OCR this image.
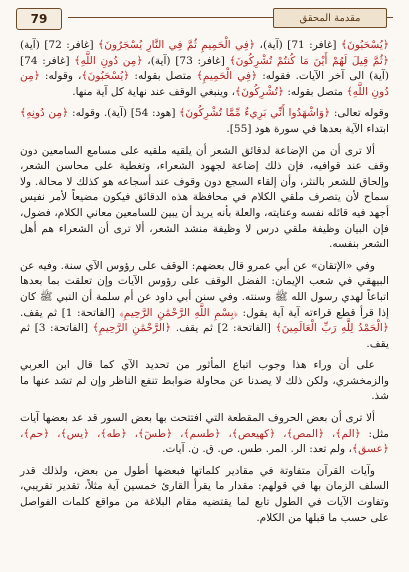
79	مقدمة المحقق

﴿يُسْحَبُونَ﴾ [غافر: 71] (آية)، ﴿فِي الْحَمِيمِ ثُمَّ فِي النَّارِ يُسْجَرُونَ﴾ [غافر: 72] (آية) ﴿ثُمَّ قِيلَ لَهُمْ أَيْنَ مَا كُنتُمْ تُشْرِكُونَ﴾ [غافر: 73] (آية)، ﴿مِن دُونِ اللَّهِ﴾ [غافر: 74] (آية) الى آخر الآيات. فقوله: ﴿فِي الْحَمِيمِ﴾ متصل بقوله: ﴿يُسْحَبُونَ﴾، وقوله: ﴿مِن دُونِ اللَّهِ﴾ متصل بقوله: ﴿تُشْرِكُونَ﴾، وينبغي الوقف عند نهاية كل آية منها.

وقوله تعالى: ﴿وَاشْهَدُوا أَنِّي بَرِيءٌ مِّمَّا تُشْرِكُونَ﴾ [هود: 54] (آية). وقوله: ﴿مِن دُونِهِ﴾ ابتداء الآية بعدها في سورة هود [55].

ألا ترى أن من الإضاعة لدقائق الشعر أن يلقيه ملقيه على مسامع السامعين دون وقف عند قوافيه، فإن ذلك إضاعة لجهود الشعراء، وتغطية على محاسن الشعر، وإلحاق للشعر بالنثر، وأن إلقاء السجع دون وقوف عند أسجاعه هو كذلك لا محالة. ولا سماح لأن يتصرف ملقي الكلام في محافظة هذه الدقائق فيكون مضيعاً لأمر نفيس أجهد فيه قائله نفسه وعنايته، والعلة بأنه يريد أن يبين للسامعين معاني الكلام، فضول، فإن البيان وظيفة ملقي درس لا وظيفة منشد الشعر، ألا ترى أن الشعراء هم أهل الشعر بنفسه.

وفي «الإتقان» عن أبي عمرو قال بعضهم: الوقف على رؤوس الآي سنة. وفيه عن البيهقي في شعب الإيمان: الفضل الوقف على رؤوس الآيات وإن تعلقت بما بعدها اتباعاً لهدي رسول الله ﷺ وسنته. وفي سنن أبي داود عن أم سلمة أن النبي ﷺ كان إذا قرأ قطع قراءته آية آية يقول: ﴿بِسْمِ اللَّهِ الرَّحْمَٰنِ الرَّحِيمِ﴾ [الفاتحة: 1] ثم يقف. ﴿الْحَمْدُ لِلَّهِ رَبِّ الْعَالَمِينَ﴾ [الفاتحة: 2] ثم يقف. ﴿الرَّحْمَٰنِ الرَّحِيمِ﴾ [الفاتحة: 3] ثم يقف.

على أن وراء هذا وجوب اتباع المأثور من تحديد الآي كما قال ابن العربي والزمخشري، ولكن ذلك لا يصدنا عن محاولة ضوابط تنفع الناظر وإن لم تشد عنها ما شذ.

ألا ترى أن بعض الحروف المقطعة التي افتتحت بها بعض السور قد عد بعضها آيات مثل: ﴿الم﴾، ﴿المص﴾، ﴿كهيعص﴾، ﴿طسم﴾، ﴿طسٓ﴾، ﴿طه﴾، ﴿يس﴾، ﴿حم﴾، ﴿عسق﴾، ولم تعد: الر. المر. طس. ص. ق. ن. آيات.

وآيات القرآن متفاوتة في مقادير كلماتها فبعضها أطول من بعض، ولذلك قدر السلف الزمان بها في قولهم: مقدار ما يقرأ القارئ خمسين آية مثلاً، تقدير تقريبي، وتفاوت الآيات في الطول تابع لما يقتضيه مقام البلاغة من مواقع كلمات الفواصل على حسب ما قبلها من الكلام.
